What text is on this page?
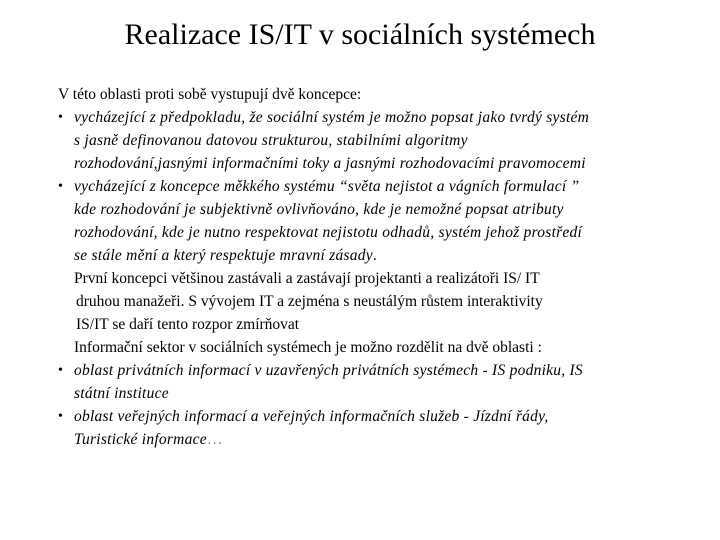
Realizace IS/IT v sociálních systémech
V této oblasti proti sobě vystupují dvě koncepce:
• vycházející z předpokladu, že sociální systém je možno popsat jako tvrdý systém
s jasně definovanou datovou strukturou, stabilními algoritmy
rozhodování,jasnými informačními toky a jasnými rozhodovacími pravomocemi
• vycházející z koncepce měkkého systému “světa nejistot a vágních formulací ”
kde rozhodování je subjektivně ovlivňováno, kde je nemožné popsat atributy
rozhodování, kde je nutno respektovat nejistotu odhadů, systém jehož prostředí
se stále mění a který respektuje mravní zásady.
První koncepci většinou zastávali a zastávají projektanti a realizátoři IS/ IT
druhou manažeři. S vývojem IT a zejména s neustálým růstem interaktivity
IS/IT se daří tento rozpor zmírňovat
Informační sektor v sociálních systémech je možno rozdělit na dvě oblasti :
• oblast privátních informací v uzavřených privátních systémech - IS podniku, IS
státní instituce
• oblast veřejných informací a veřejných informačních služeb - Jízdní řády,
Turistické informace…
